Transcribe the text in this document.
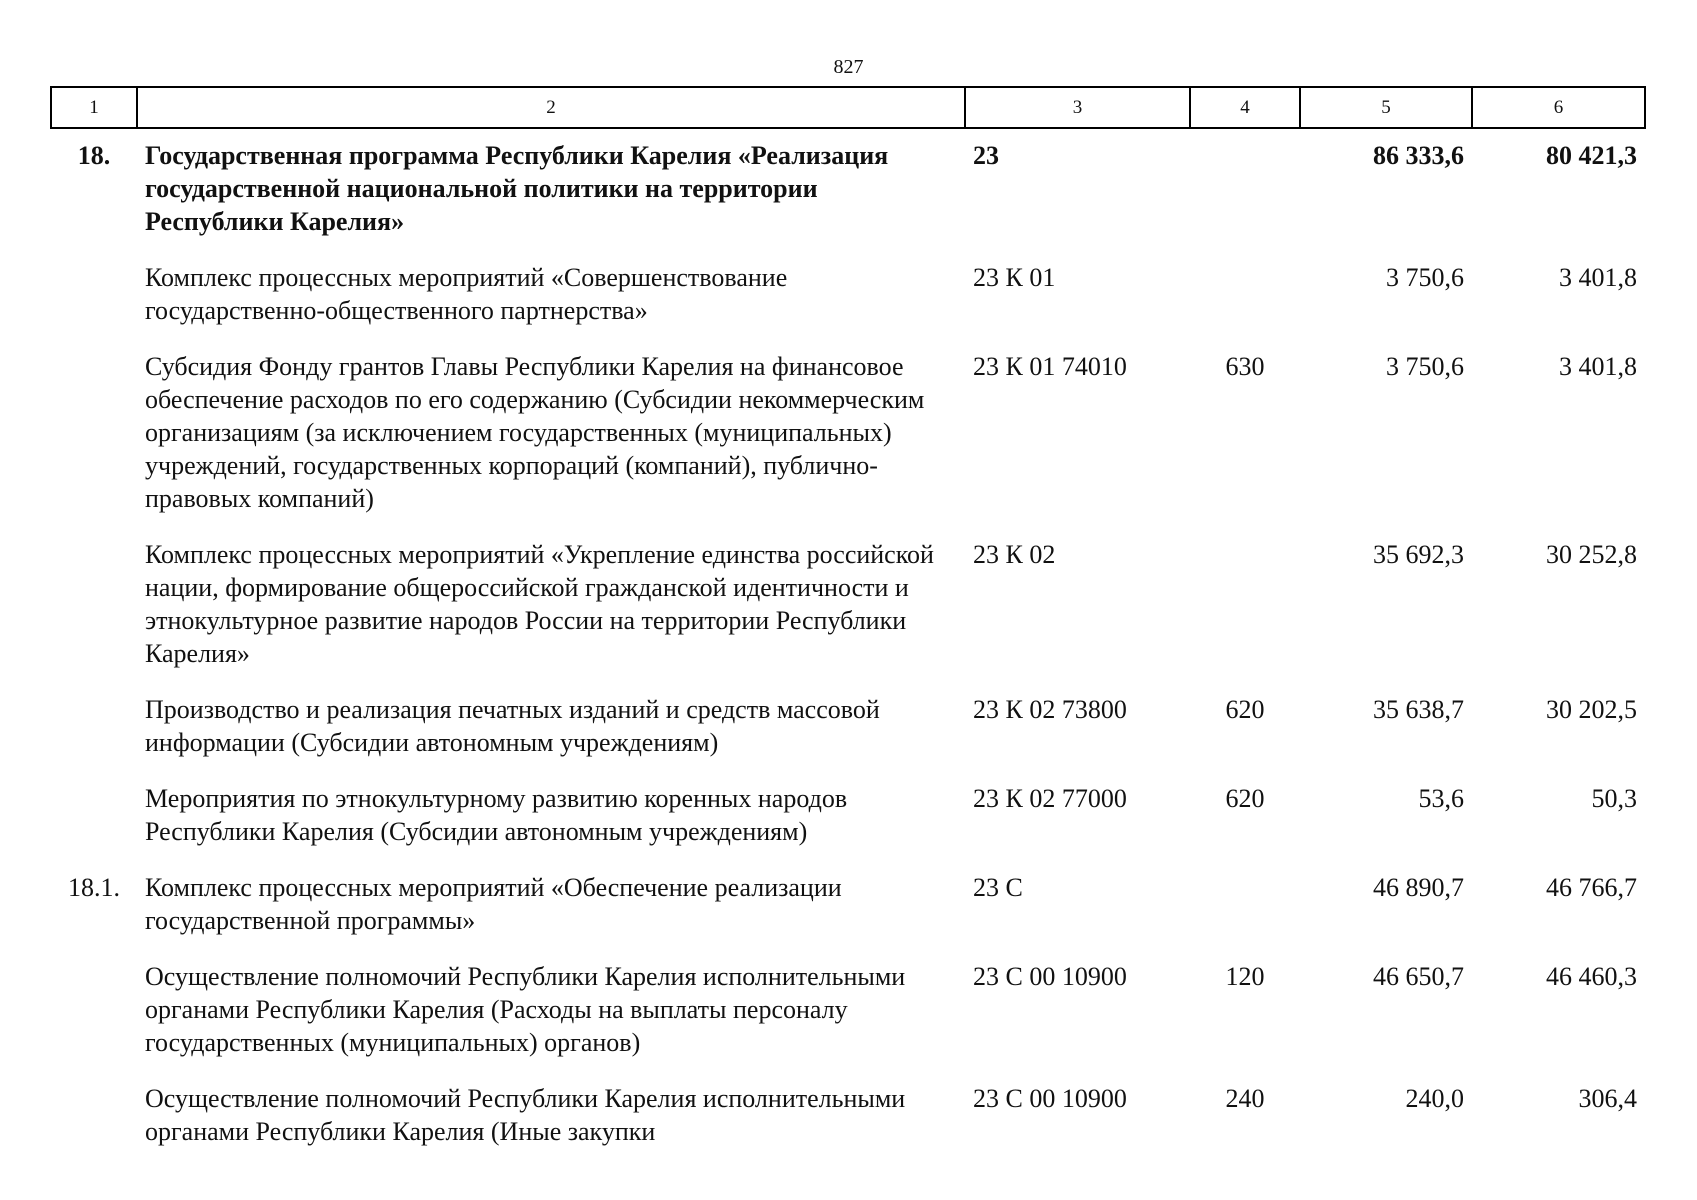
827
1	2	3	4	5	6
18.	Государственная программа Республики Карелия «Реализация государственной национальной политики на территории Республики Карелия»	23		86 333,6	80 421,3
	Комплекс процессных мероприятий «Совершенствование государственно-общественного партнерства»	23 К 01		3 750,6	3 401,8
	Субсидия Фонду грантов Главы Республики Карелия на финансовое обеспечение расходов по его содержанию (Субсидии некоммерческим организациям (за исключением государственных (муниципальных) учреждений, государственных корпораций (компаний), публично-правовых компаний)	23 К 01 74010	630	3 750,6	3 401,8
	Комплекс процессных мероприятий «Укрепление единства российской нации, формирование общероссийской гражданской идентичности и этнокультурное развитие народов России на территории Республики Карелия»	23 К 02		35 692,3	30 252,8
	Производство и реализация печатных изданий и средств массовой информации (Субсидии автономным учреждениям)	23 К 02 73800	620	35 638,7	30 202,5
	Мероприятия по этнокультурному развитию коренных народов Республики Карелия (Субсидии автономным учреждениям)	23 К 02 77000	620	53,6	50,3
18.1.	Комплекс процессных мероприятий «Обеспечение реализации государственной программы»	23 С		46 890,7	46 766,7
	Осуществление полномочий Республики Карелия исполнительными органами Республики Карелия (Расходы на выплаты персоналу государственных (муниципальных) органов)	23 С 00 10900	120	46 650,7	46 460,3
	Осуществление полномочий Республики Карелия исполнительными органами Республики Карелия (Иные закупки	23 С 00 10900	240	240,0	306,4
